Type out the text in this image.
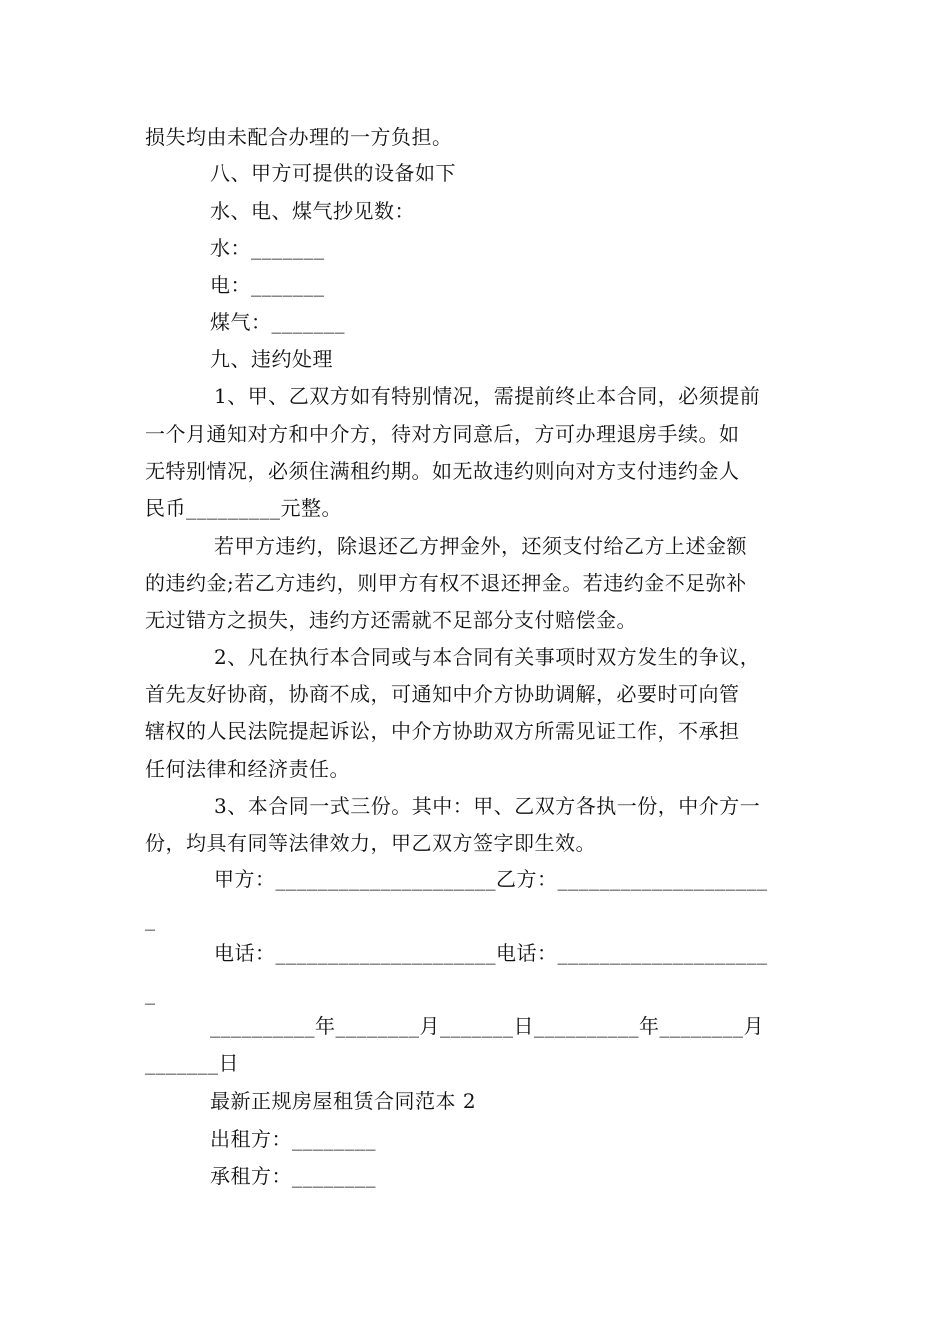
损失均由未配合办理的一方负担。
八、甲方可提供的设备如下
水、电、煤气抄见数：
水：_______
电：_______
煤气：_______
九、违约处理
1、甲、乙双方如有特别情况，需提前终止本合同，必须提前
一个月通知对方和中介方，待对方同意后，方可办理退房手续。如
无特别情况，必须住满租约期。如无故违约则向对方支付违约金人
民币_________元整。
若甲方违约，除退还乙方押金外，还须支付给乙方上述金额
的违约金;若乙方违约，则甲方有权不退还押金。若违约金不足弥补
无过错方之损失，违约方还需就不足部分支付赔偿金。
2、凡在执行本合同或与本合同有关事项时双方发生的争议，
首先友好协商，协商不成，可通知中介方协助调解，必要时可向管
辖权的人民法院提起诉讼，中介方协助双方所需见证工作，不承担
任何法律和经济责任。
3、本合同一式三份。其中：甲、乙双方各执一份，中介方一
份，均具有同等法律效力，甲乙双方签字即生效。
甲方：_____________________乙方：____________________
_
电话：_____________________电话：____________________
_
__________年________月_______日__________年________月
_______日
最新正规房屋租赁合同范本 2
出租方：________
承租方：________
